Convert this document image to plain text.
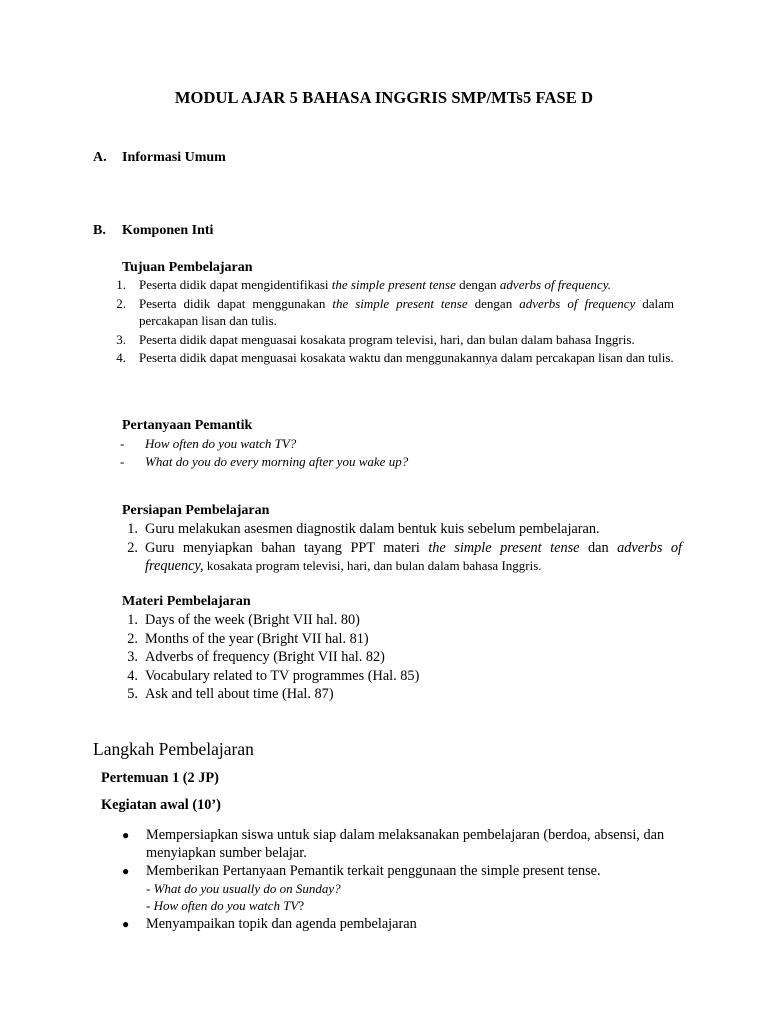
MODUL AJAR 5 BAHASA INGGRIS SMP/MTs5 FASE D
A. Informasi Umum
B. Komponen Inti
Tujuan Pembelajaran
1. Peserta didik dapat mengidentifikasi the simple present tense dengan adverbs of frequency.
2. Peserta didik dapat menggunakan the simple present tense dengan adverbs of frequency dalam percakapan lisan dan tulis.
3. Peserta didik dapat menguasai kosakata program televisi, hari, dan bulan dalam bahasa Inggris.
4. Peserta didik dapat menguasai kosakata waktu dan menggunakannya dalam percakapan lisan dan tulis.
Pertanyaan Pemantik
- How often do you watch TV?
- What do you do every morning after you wake up?
Persiapan Pembelajaran
1. Guru melakukan asesmen diagnostik dalam bentuk kuis sebelum pembelajaran.
2. Guru menyiapkan bahan tayang PPT materi the simple present tense dan adverbs of frequency, kosakata program televisi, hari, dan bulan dalam bahasa Inggris.
Materi Pembelajaran
1. Days of the week (Bright VII hal. 80)
2. Months of the year (Bright VII hal. 81)
3. Adverbs of frequency (Bright VII hal. 82)
4. Vocabulary related to TV programmes (Hal. 85)
5. Ask and tell about time (Hal. 87)
Langkah Pembelajaran
Pertemuan 1 (2 JP)
Kegiatan awal (10’)
● Mempersiapkan siswa untuk siap dalam melaksanakan pembelajaran (berdoa, absensi, dan menyiapkan sumber belajar.
● Memberikan Pertanyaan Pemantik terkait penggunaan the simple present tense.
- What do you usually do on Sunday?
- How often do you watch TV?
● Menyampaikan topik dan agenda pembelajaran
